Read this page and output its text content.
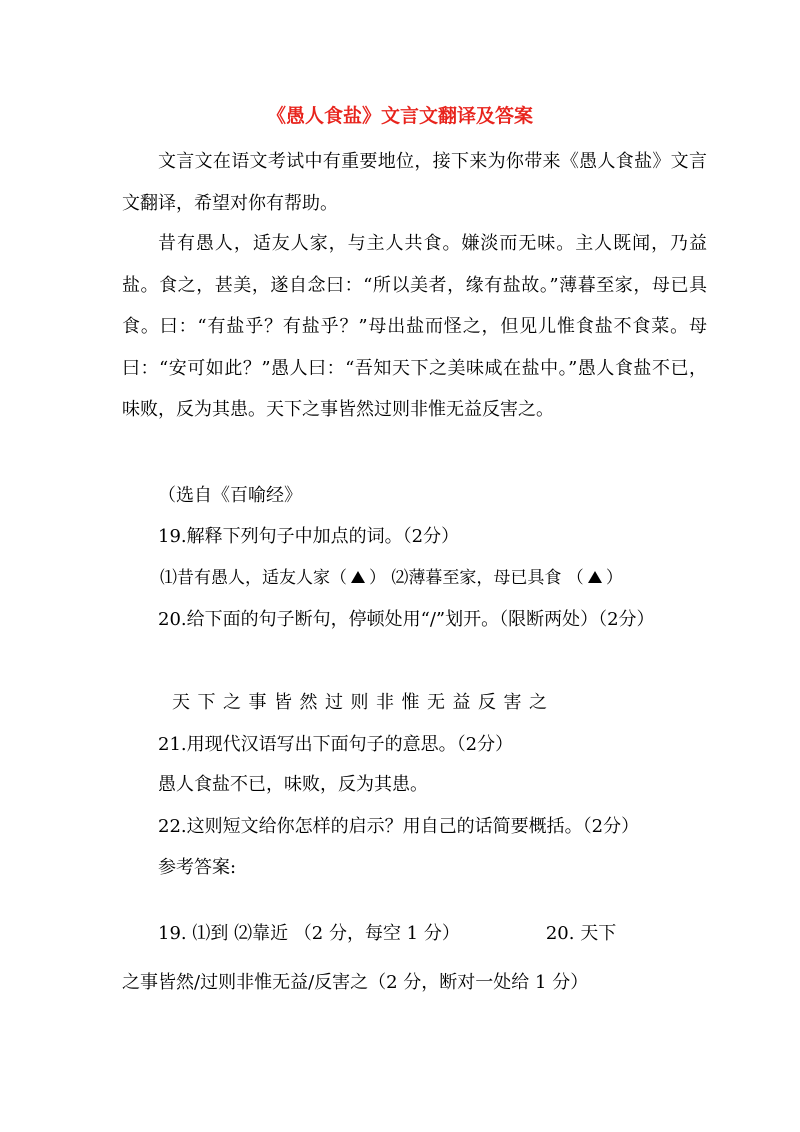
《愚人食盐》文言文翻译及答案
文言文在语文考试中有重要地位，接下来为你带来《愚人食盐》文言文翻译，希望对你有帮助。
昔有愚人，适友人家，与主人共食。嫌淡而无味。主人既闻，乃益盐。食之，甚美，遂自念曰：“所以美者，缘有盐故。”薄暮至家，母已具食。曰：“有盐乎？有盐乎？”母出盐而怪之，但见儿惟食盐不食菜。母曰：“安可如此？”愚人曰：“吾知天下之美味咸在盐中。”愚人食盐不已，味败，反为其患。天下之事皆然过则非惟无益反害之。
（选自《百喻经》
19.解释下列句子中加点的词。（2分）
⑴昔有愚人，适友人家（ ） ⑵薄暮至家，母已具食 （ ）
20.给下面的句子断句，停顿处用“/”划开。（限断两处）（2分）
天下之事皆然过则非惟无益反害之
21.用现代汉语写出下面句子的意思。（2分）
愚人食盐不已，味败，反为其患。
22.这则短文给你怎样的启示？用自己的话简要概括。（2分）
参考答案:
19. ⑴到 ⑵靠近 （2 分，每空 1 分）	20. 天下
之事皆然/过则非惟无益/反害之（2 分，断对一处给 1 分）
